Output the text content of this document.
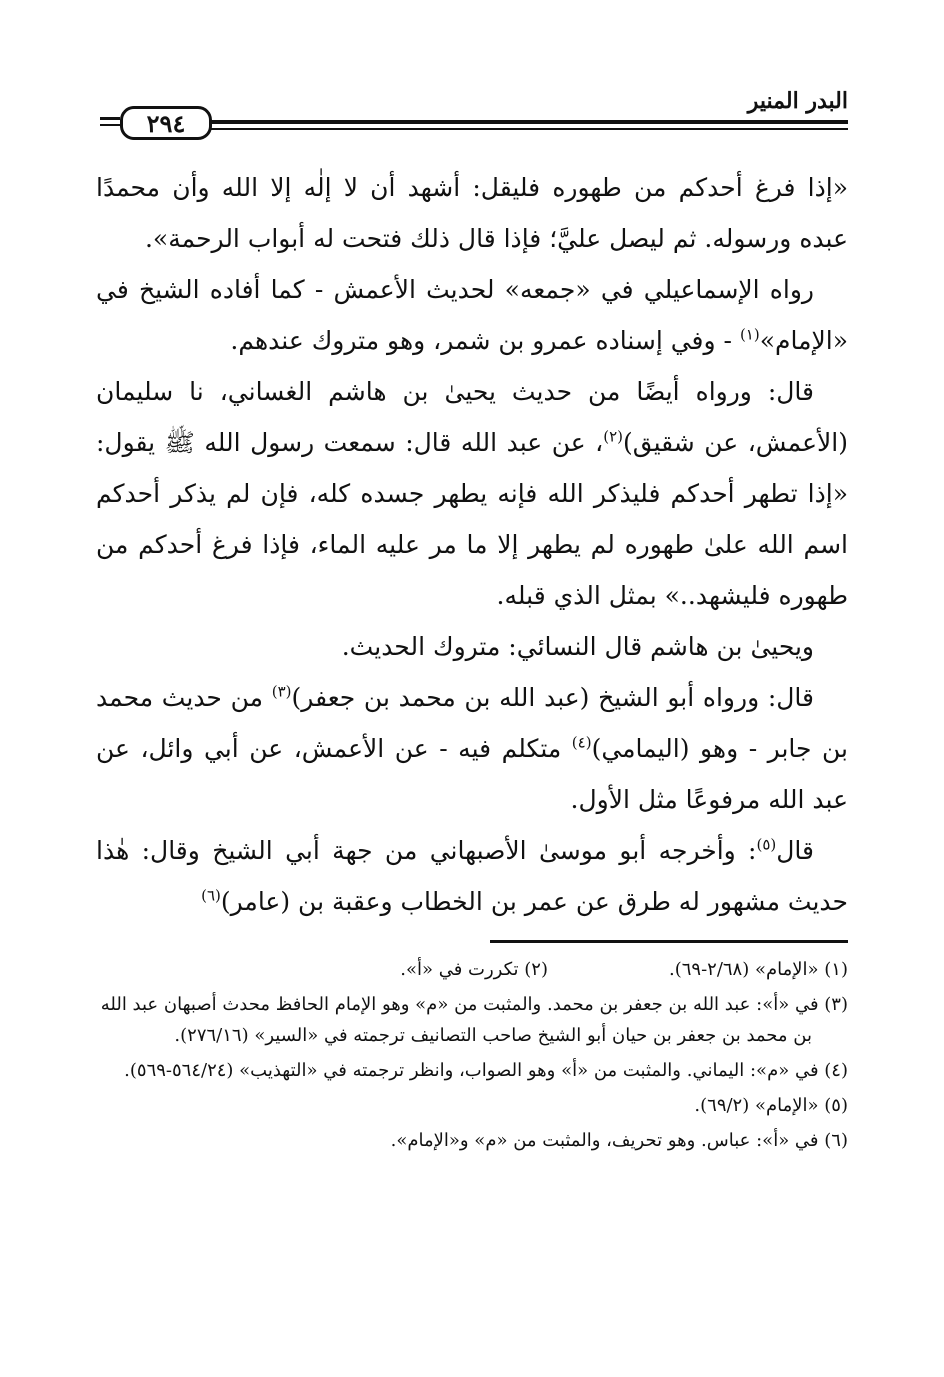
٢٩٤
البدر المنير

«إذا فرغ أحدكم من طهوره فليقل: أشهد أن لا إلٰه إلا الله وأن محمدًا عبده ورسوله. ثم ليصل عليَّ؛ فإذا قال ذلك فتحت له أبواب الرحمة».

رواه الإسماعيلي في «جمعه» لحديث الأعمش - كما أفاده الشيخ في «الإمام»$^{(١)}$ - وفي إسناده عمرو بن شمر، وهو متروك عندهم.

قال: ورواه أيضًا من حديث يحيىٰ بن هاشم الغساني، نا سليمان (الأعمش، عن شقيق)$^{(٢)}$، عن عبد الله قال: سمعت رسول الله ﷺ يقول: «إذا تطهر أحدكم فليذكر الله فإنه يطهر جسده كله، فإن لم يذكر أحدكم اسم الله علىٰ طهوره لم يطهر إلا ما مر عليه الماء، فإذا فرغ أحدكم من طهوره فليشهد..» بمثل الذي قبله.

ويحيىٰ بن هاشم قال النسائي: متروك الحديث.

قال: ورواه أبو الشيخ (عبد الله بن محمد بن جعفر)$^{(٣)}$ من حديث محمد بن جابر - وهو (اليمامي)$^{(٤)}$ متكلم فيه - عن الأعمش، عن أبي وائل، عن عبد الله مرفوعًا مثل الأول.

قال$^{(٥)}$: وأخرجه أبو موسىٰ الأصبهاني من جهة أبي الشيخ وقال: هٰذا حديث مشهور له طرق عن عمر بن الخطاب وعقبة بن (عامر)$^{(٦)}$

(١) «الإمام» (٢/٦٨-٦٩).

(٢) تكررت في «أ».

(٣) في «أ»: عبد الله بن جعفر بن محمد. والمثبت من «م» وهو الإمام الحافظ محدث أصبهان عبد الله بن محمد بن جعفر بن حيان أبو الشيخ صاحب التصانيف ترجمته في «السير» (٢٧٦/١٦).

(٤) في «م»: اليماني. والمثبت من «أ» وهو الصواب، وانظر ترجمته في «التهذيب» (٥٦٤/٢٤-٥٦٩).

(٥) «الإمام» (٦٩/٢).

(٦) في «أ»: عباس. وهو تحريف، والمثبت من «م» و«الإمام».
